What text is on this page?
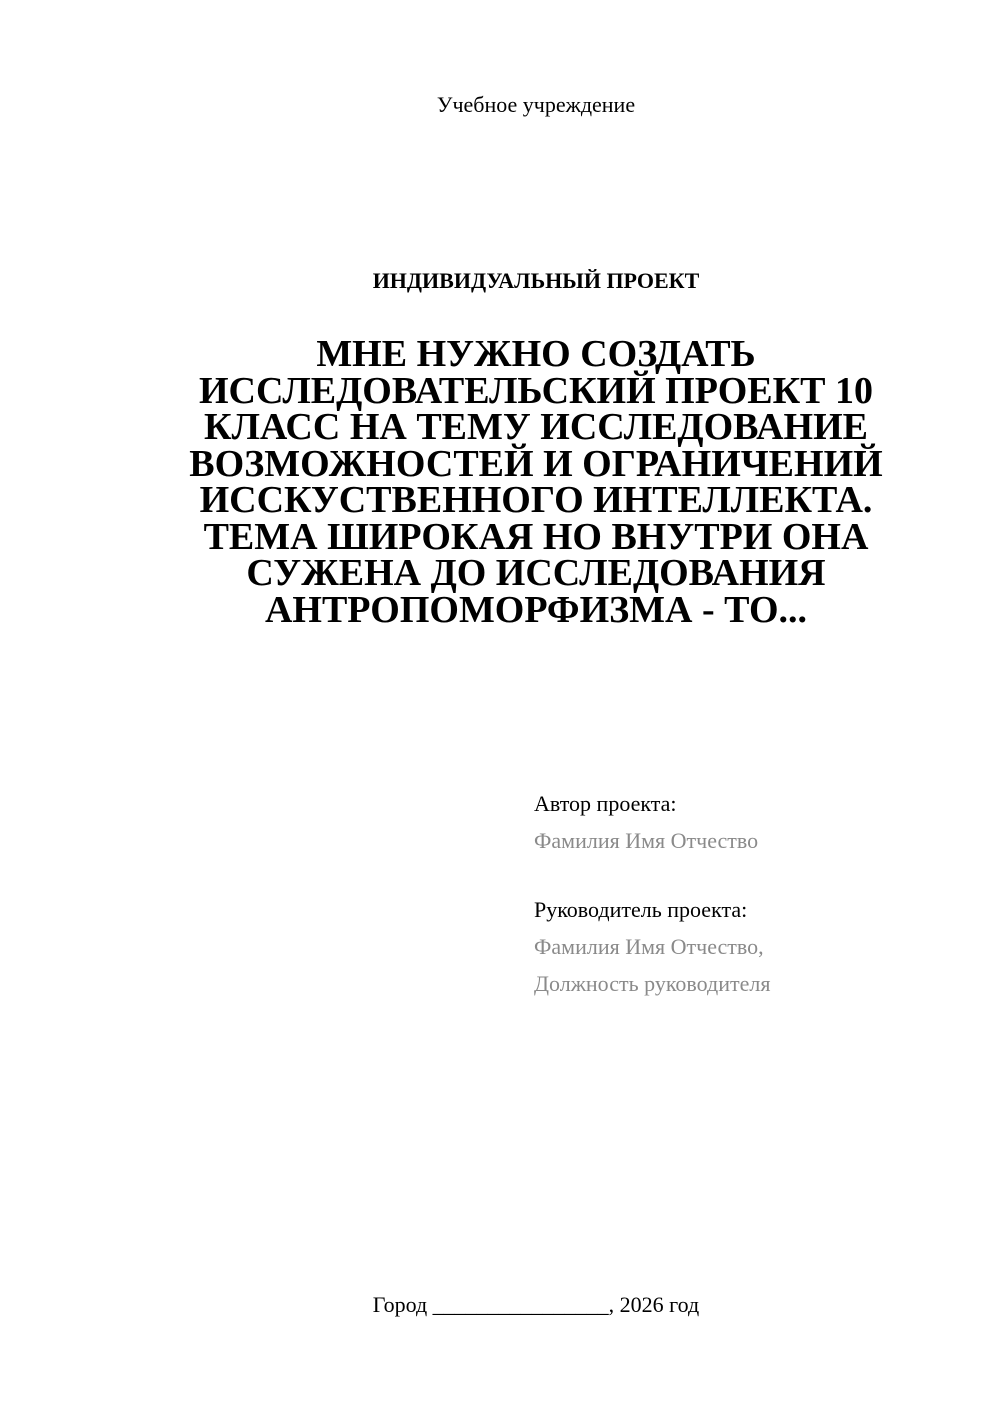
Учебное учреждение
ИНДИВИДУАЛЬНЫЙ ПРОЕКТ
МНЕ НУЖНО СОЗДАТЬ
ИССЛЕДОВАТЕЛЬСКИЙ ПРОЕКТ 10
КЛАСС НА ТЕМУ ИССЛЕДОВАНИЕ
ВОЗМОЖНОСТЕЙ И ОГРАНИЧЕНИЙ
ИССКУСТВЕННОГО ИНТЕЛЛЕКТА.
ТЕМА ШИРОКАЯ НО ВНУТРИ ОНА
СУЖЕНА ДО ИССЛЕДОВАНИЯ
АНТРОПОМОРФИЗМА - ТО...
Автор проекта:
Фамилия Имя Отчество
Руководитель проекта:
Фамилия Имя Отчество,
Должность руководителя
Город ________________, 2026 год
